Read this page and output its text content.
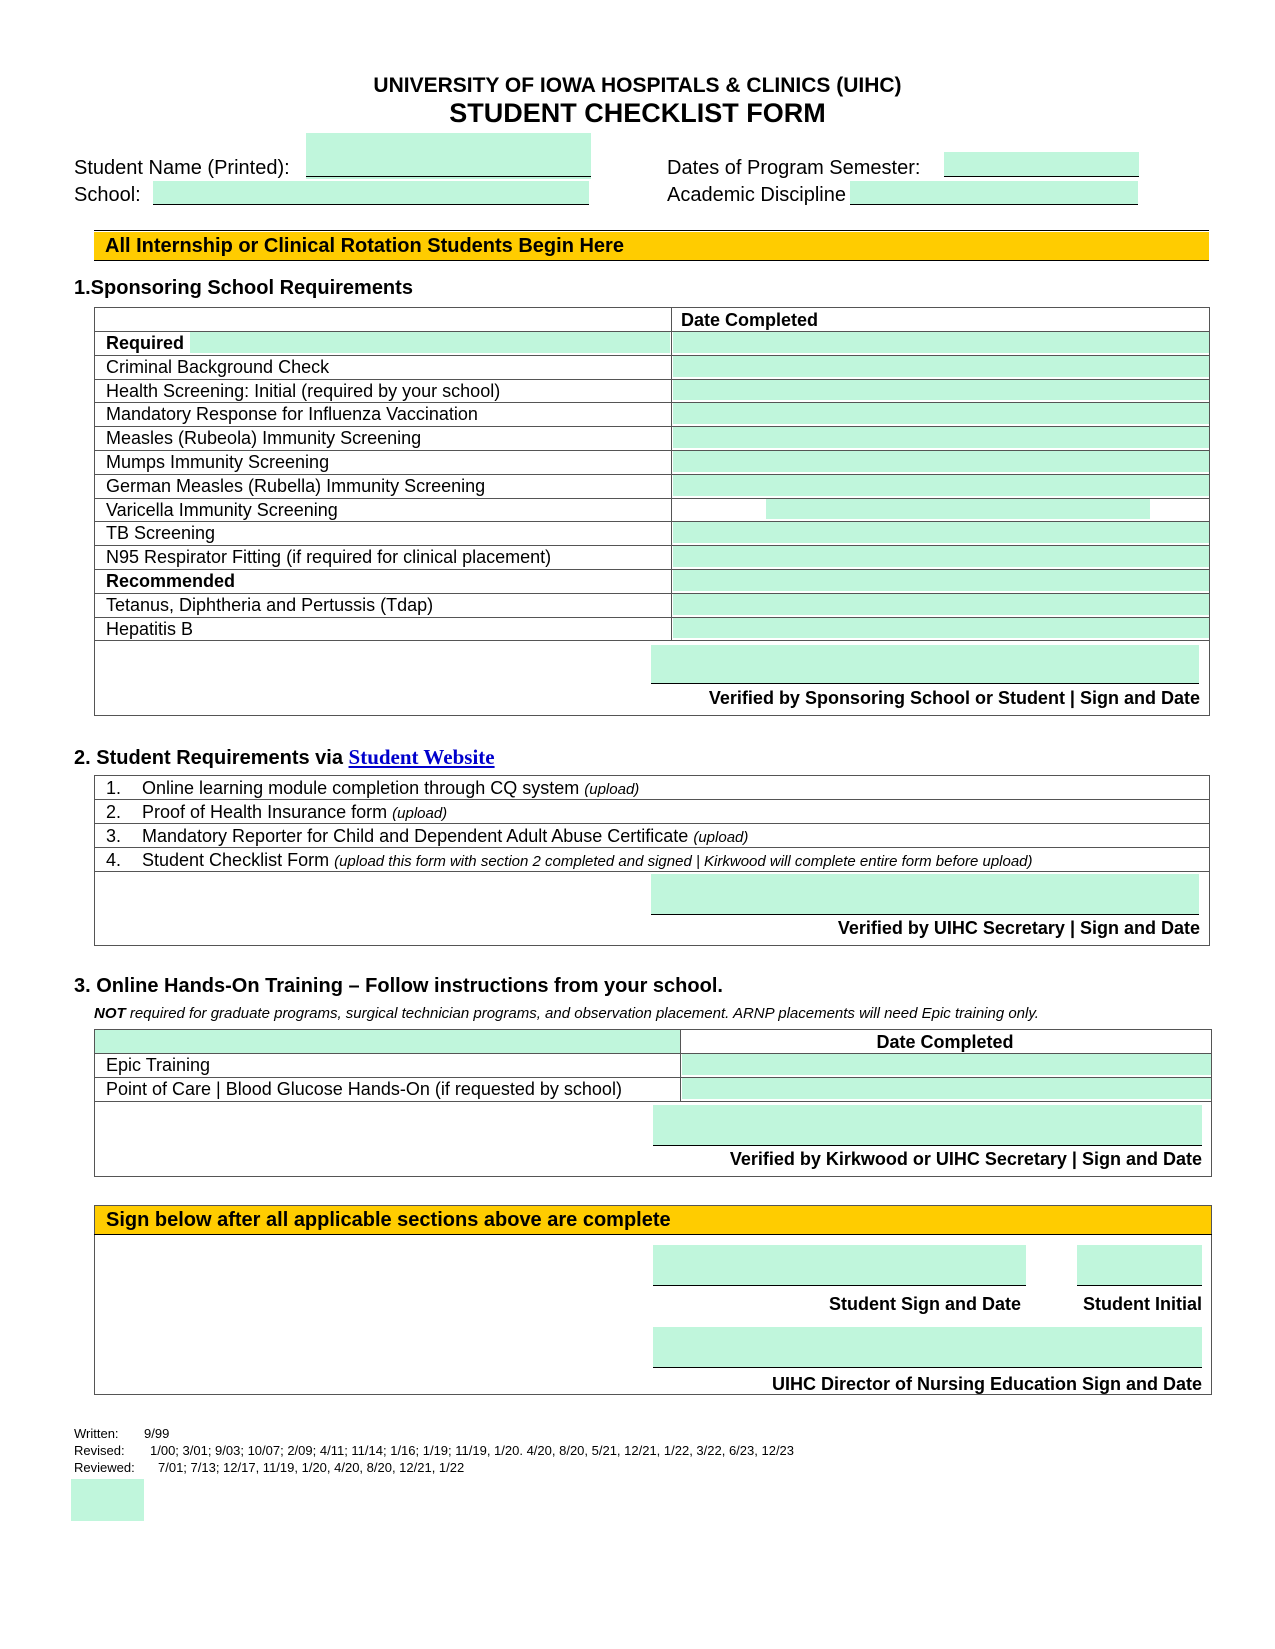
UNIVERSITY OF IOWA HOSPITALS & CLINICS (UIHC)
STUDENT CHECKLIST FORM
Student Name (Printed):
School:
Dates of Program Semester:
Academic Discipline
All Internship or Clinical Rotation Students Begin Here
1.Sponsoring School Requirements
Date Completed
Required
Criminal Background Check
Health Screening: Initial (required by your school)
Mandatory Response for Influenza Vaccination
Measles (Rubeola) Immunity Screening
Mumps Immunity Screening
German Measles (Rubella) Immunity Screening
Varicella Immunity Screening
TB Screening
N95 Respirator Fitting (if required for clinical placement)
Recommended
Tetanus, Diphtheria and Pertussis (Tdap)
Hepatitis B
Verified by Sponsoring School or Student | Sign and Date
2. Student Requirements via Student Website
1. Online learning module completion through CQ system (upload)
2. Proof of Health Insurance form (upload)
3. Mandatory Reporter for Child and Dependent Adult Abuse Certificate (upload)
4. Student Checklist Form (upload this form with section 2 completed and signed | Kirkwood will complete entire form before upload)
Verified by UIHC Secretary | Sign and Date
3. Online Hands-On Training – Follow instructions from your school.
NOT required for graduate programs, surgical technician programs, and observation placement. ARNP placements will need Epic training only.
Date Completed
Epic Training
Point of Care | Blood Glucose Hands-On (if requested by school)
Verified by Kirkwood or UIHC Secretary | Sign and Date
Sign below after all applicable sections above are complete
Student Sign and Date	Student Initial
UIHC Director of Nursing Education Sign and Date
Written: 9/99
Revised: 1/00; 3/01; 9/03; 10/07; 2/09; 4/11; 11/14; 1/16; 1/19; 11/19, 1/20. 4/20, 8/20, 5/21, 12/21, 1/22, 3/22, 6/23, 12/23
Reviewed: 7/01; 7/13; 12/17, 11/19, 1/20, 4/20, 8/20, 12/21, 1/22
